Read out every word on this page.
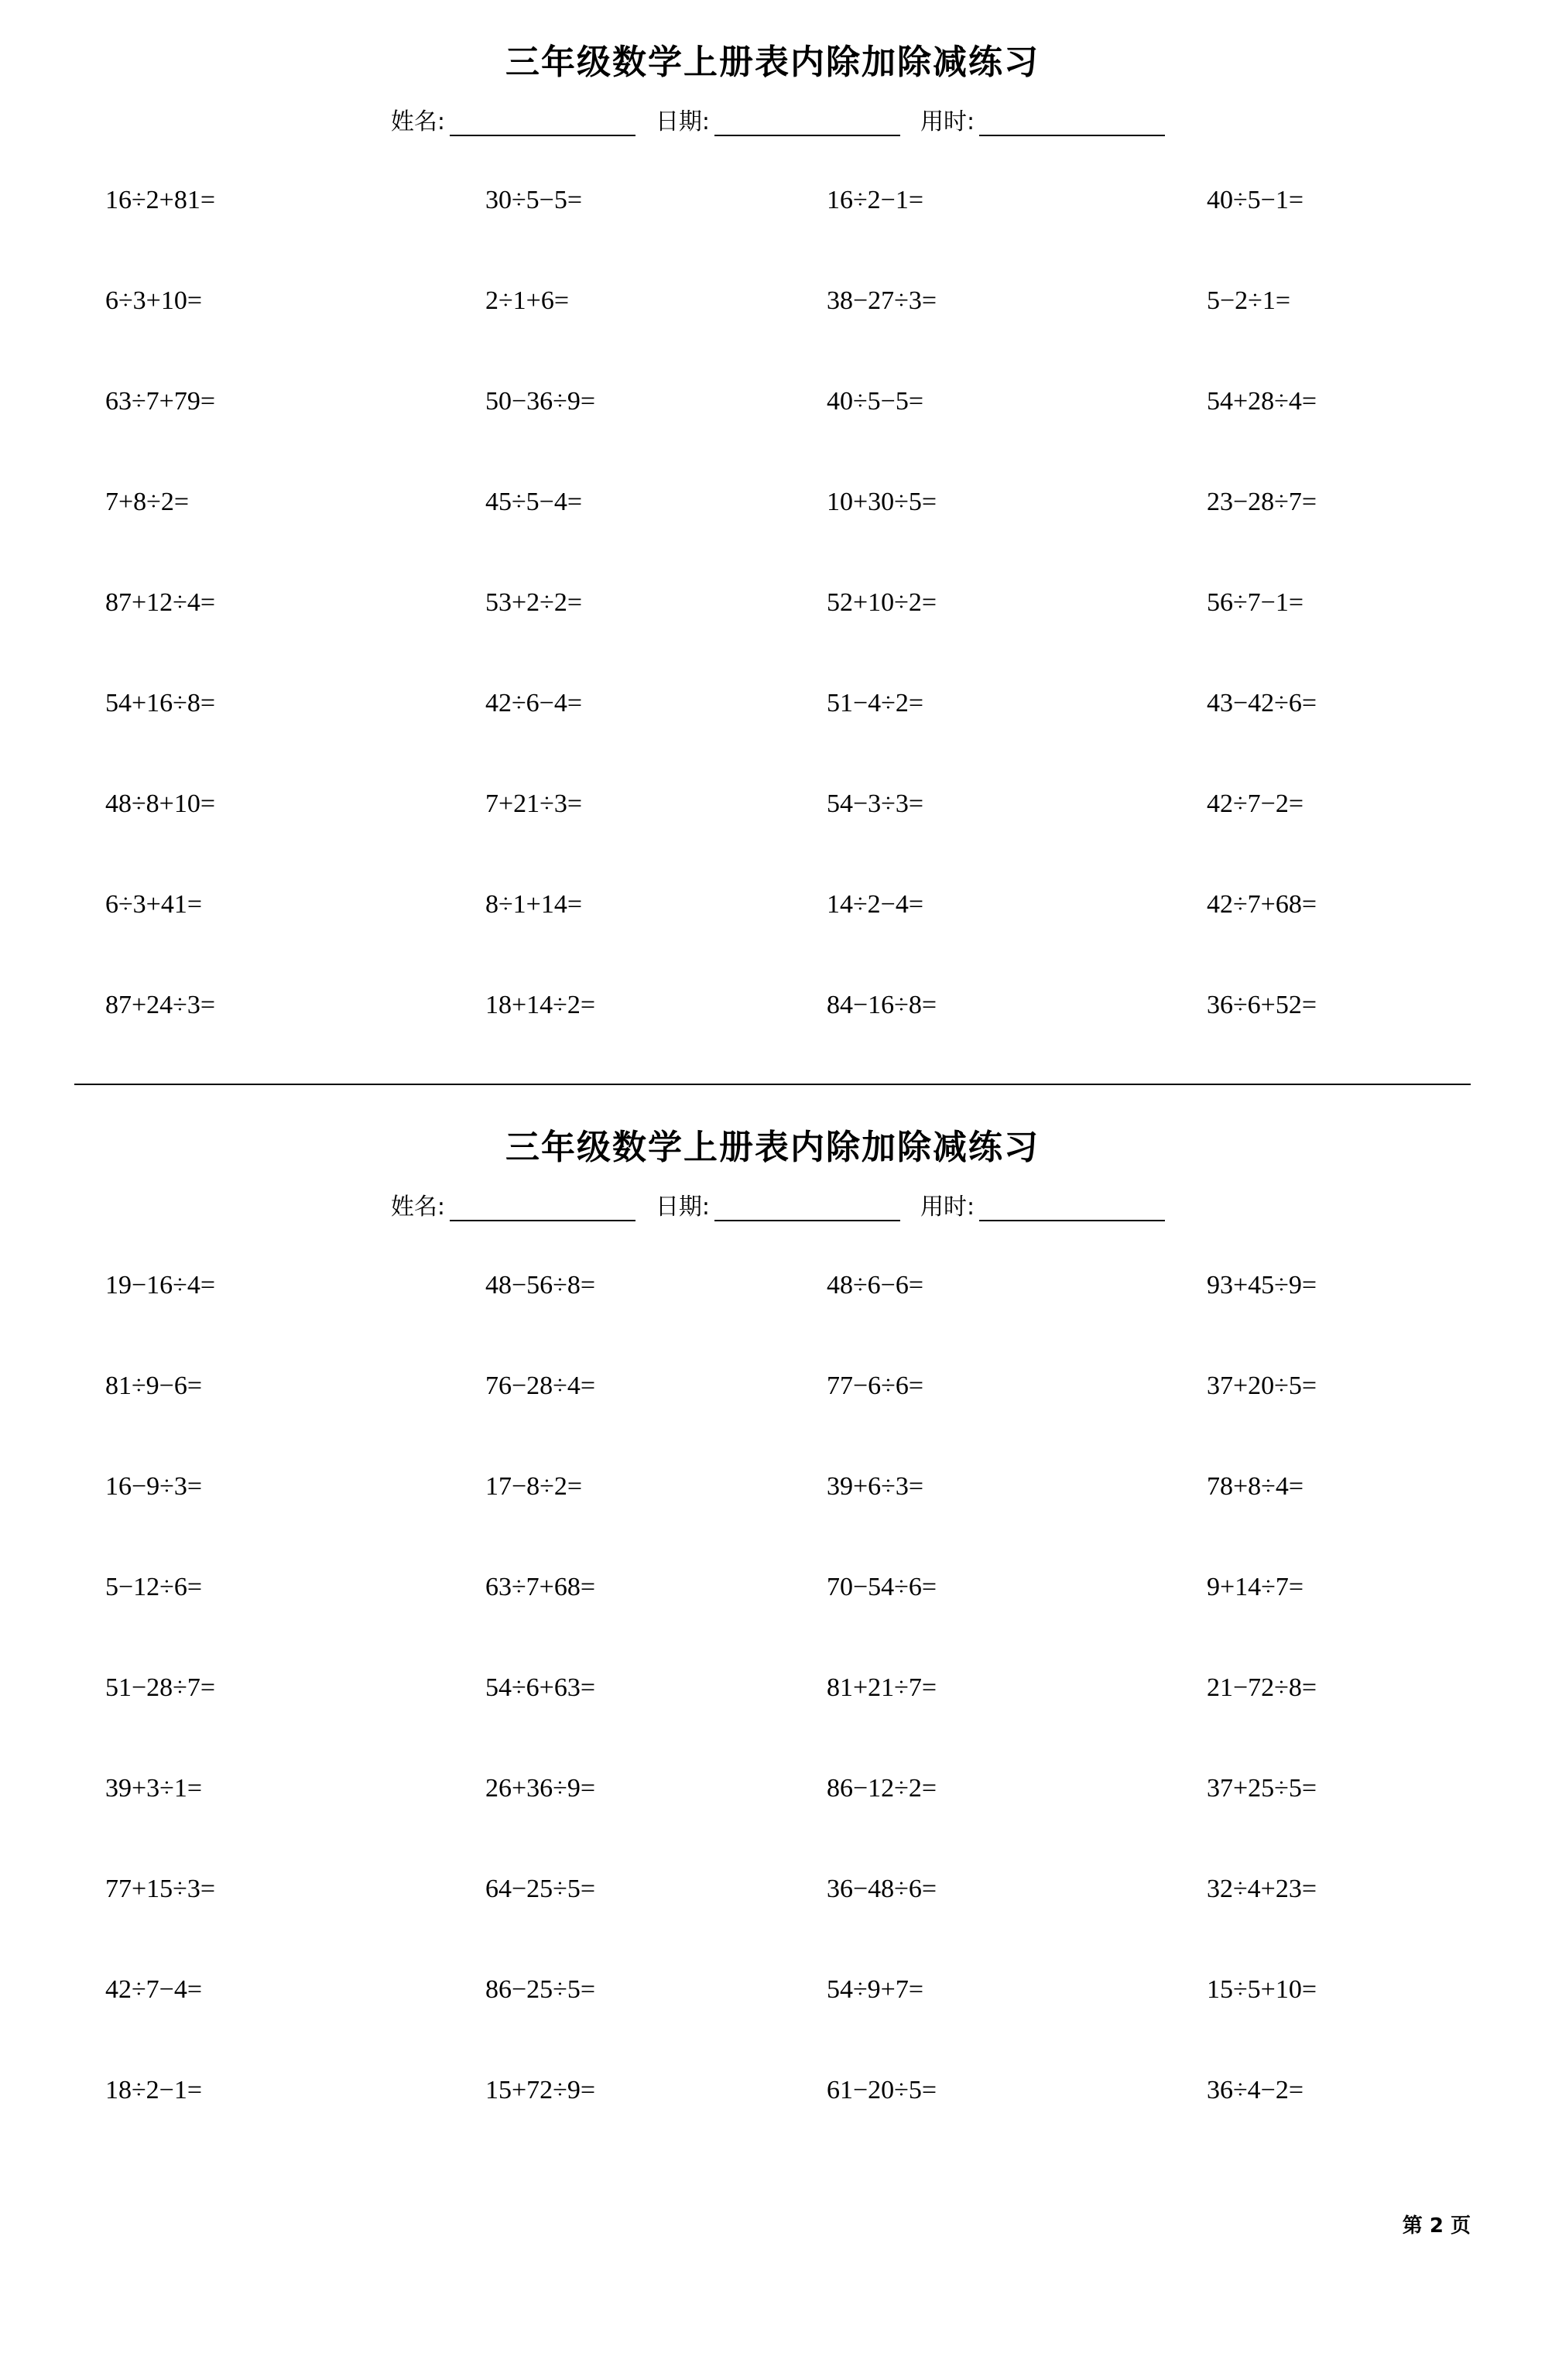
三年级数学上册表内除加除减练习
姓名:	日期:	用时:
16÷2+81=	30÷5−5=	16÷2−1=	40÷5−1=
6÷3+10=	2÷1+6=	38−27÷3=	5−2÷1=
63÷7+79=	50−36÷9=	40÷5−5=	54+28÷4=
7+8÷2=	45÷5−4=	10+30÷5=	23−28÷7=
87+12÷4=	53+2÷2=	52+10÷2=	56÷7−1=
54+16÷8=	42÷6−4=	51−4÷2=	43−42÷6=
48÷8+10=	7+21÷3=	54−3÷3=	42÷7−2=
6÷3+41=	8÷1+14=	14÷2−4=	42÷7+68=
87+24÷3=	18+14÷2=	84−16÷8=	36÷6+52=
三年级数学上册表内除加除减练习
姓名:	日期:	用时:
19−16÷4=	48−56÷8=	48÷6−6=	93+45÷9=
81÷9−6=	76−28÷4=	77−6÷6=	37+20÷5=
16−9÷3=	17−8÷2=	39+6÷3=	78+8÷4=
5−12÷6=	63÷7+68=	70−54÷6=	9+14÷7=
51−28÷7=	54÷6+63=	81+21÷7=	21−72÷8=
39+3÷1=	26+36÷9=	86−12÷2=	37+25÷5=
77+15÷3=	64−25÷5=	36−48÷6=	32÷4+23=
42÷7−4=	86−25÷5=	54÷9+7=	15÷5+10=
18÷2−1=	15+72÷9=	61−20÷5=	36÷4−2=
第 2 页
